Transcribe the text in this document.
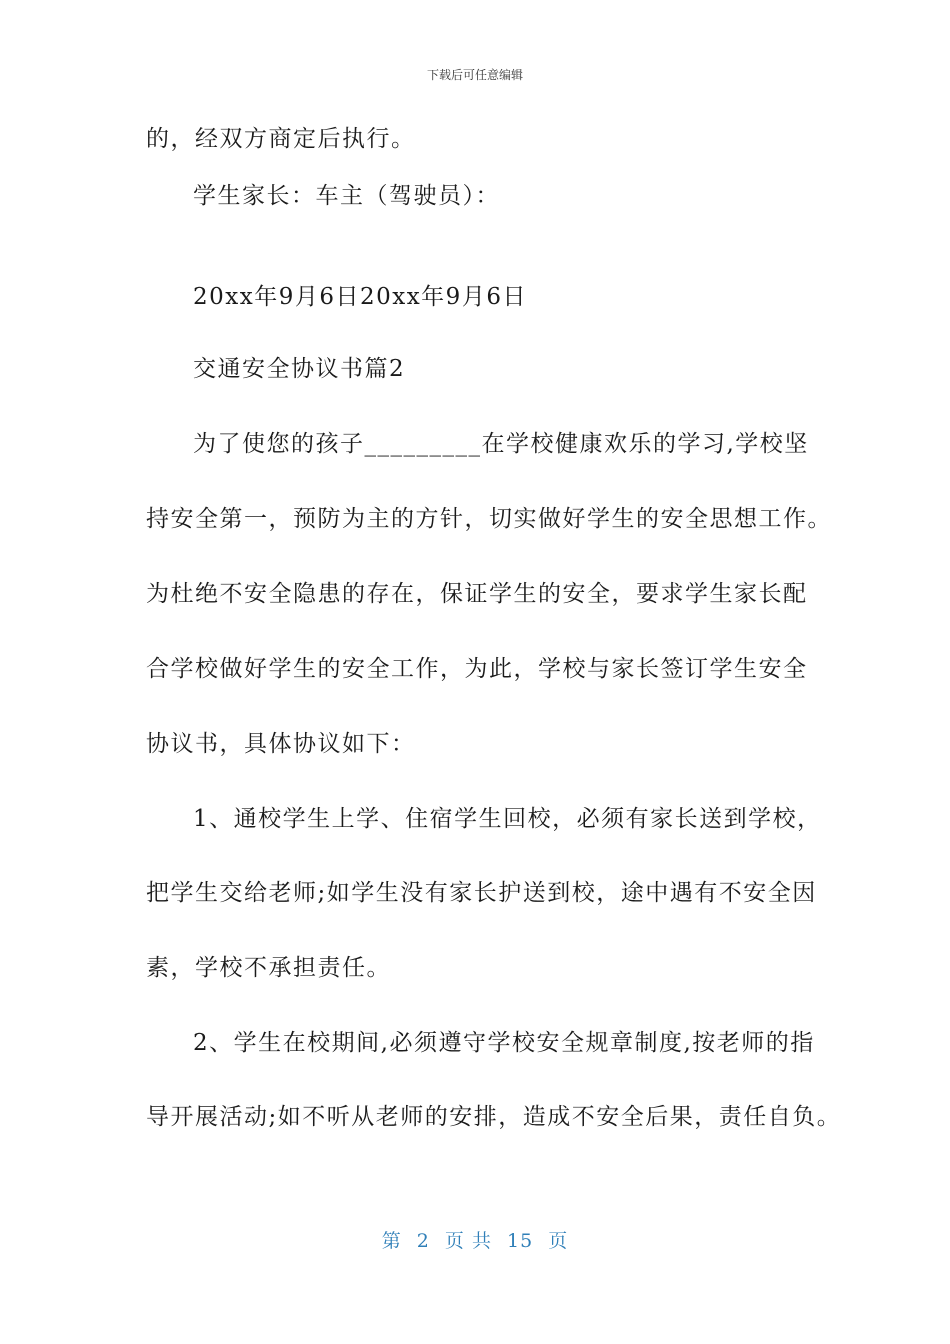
下载后可任意编辑
的，经双方商定后执行。
学生家长：车主（驾驶员）：
20xx年9月6日20xx年9月6日
交通安全协议书篇2
为了使您的孩子_________在学校健康欢乐的学习,学校坚
持安全第一，预防为主的方针，切实做好学生的安全思想工作。
为杜绝不安全隐患的存在，保证学生的安全，要求学生家长配
合学校做好学生的安全工作，为此，学校与家长签订学生安全
协议书，具体协议如下：
1、通校学生上学、住宿学生回校，必须有家长送到学校，
把学生交给老师;如学生没有家长护送到校，途中遇有不安全因
素，学校不承担责任。
2、学生在校期间,必须遵守学校安全规章制度,按老师的指
导开展活动;如不听从老师的安排，造成不安全后果，责任自负。
第 2 页 共 15 页
